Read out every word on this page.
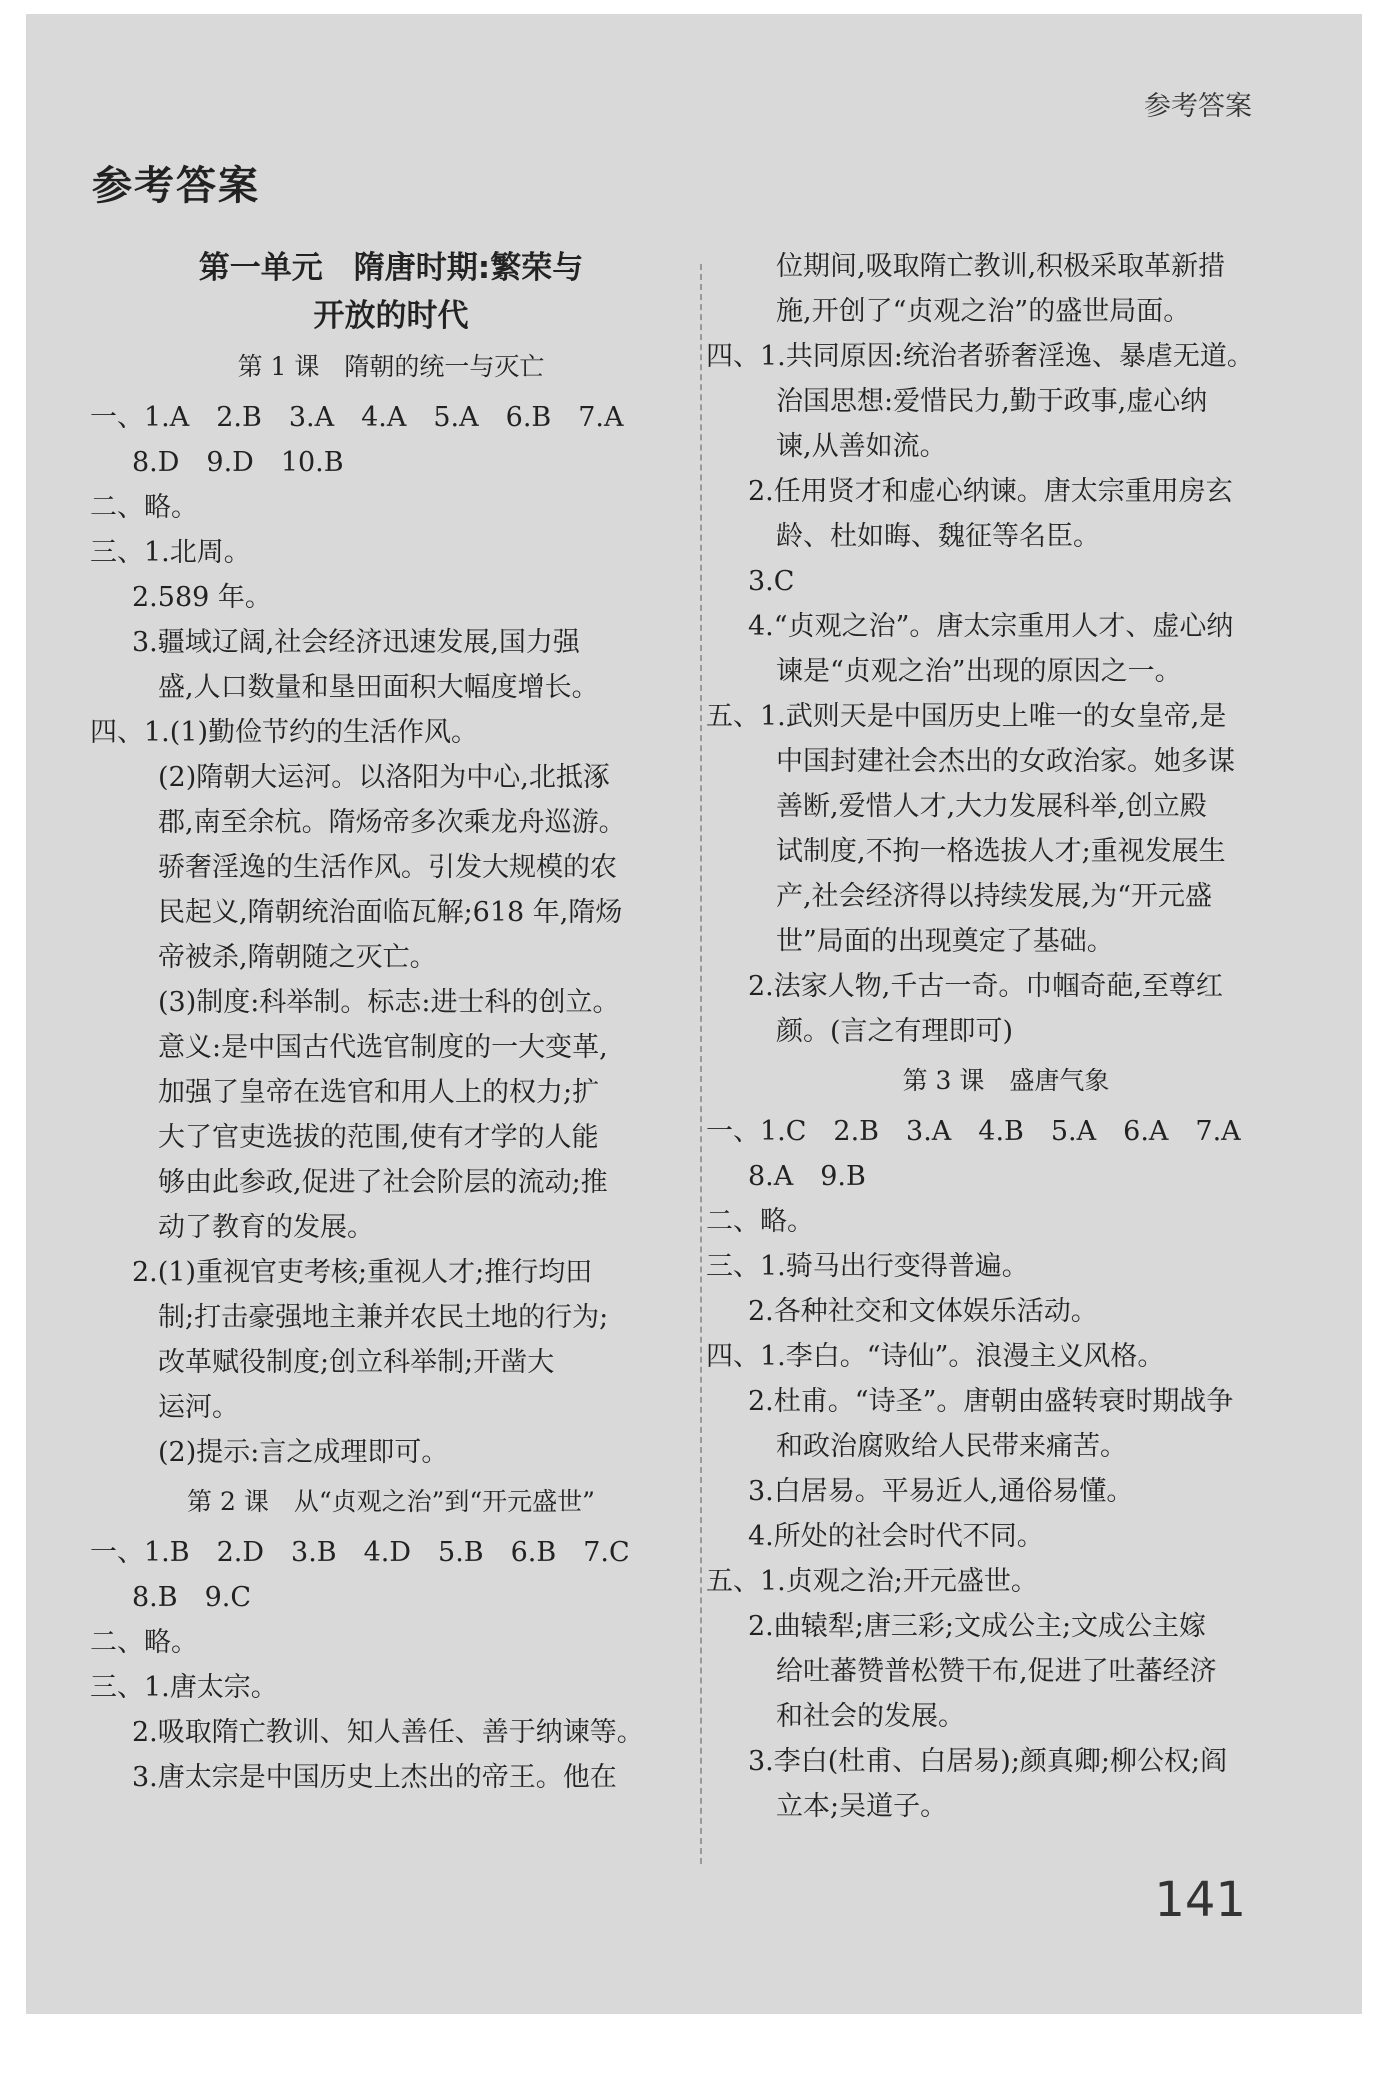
参考答案
参考答案
第一单元　隋唐时期:繁荣与
开放的时代
第 1 课　隋朝的统一与灭亡
一、1.A　2.B　3.A　4.A　5.A　6.B　7.A
8.D　9.D　10.B
二、略。
三、1.北周。
2.589 年。
3.疆域辽阔,社会经济迅速发展,国力强
盛,人口数量和垦田面积大幅度增长。
四、1.(1)勤俭节约的生活作风。
(2)隋朝大运河。以洛阳为中心,北抵涿
郡,南至余杭。隋炀帝多次乘龙舟巡游。
骄奢淫逸的生活作风。引发大规模的农
民起义,隋朝统治面临瓦解;618 年,隋炀
帝被杀,隋朝随之灭亡。
(3)制度:科举制。标志:进士科的创立。
意义:是中国古代选官制度的一大变革,
加强了皇帝在选官和用人上的权力;扩
大了官吏选拔的范围,使有才学的人能
够由此参政,促进了社会阶层的流动;推
动了教育的发展。
2.(1)重视官吏考核;重视人才;推行均田
制;打击豪强地主兼并农民土地的行为;
改革赋役制度;创立科举制;开凿大
运河。
(2)提示:言之成理即可。
第 2 课　从“贞观之治”到“开元盛世”
一、1.B　2.D　3.B　4.D　5.B　6.B　7.C
8.B　9.C
二、略。
三、1.唐太宗。
2.吸取隋亡教训、知人善任、善于纳谏等。
3.唐太宗是中国历史上杰出的帝王。他在
位期间,吸取隋亡教训,积极采取革新措
施,开创了“贞观之治”的盛世局面。
四、1.共同原因:统治者骄奢淫逸、暴虐无道。
治国思想:爱惜民力,勤于政事,虚心纳
谏,从善如流。
2.任用贤才和虚心纳谏。唐太宗重用房玄
龄、杜如晦、魏征等名臣。
3.C
4.“贞观之治”。唐太宗重用人才、虚心纳
谏是“贞观之治”出现的原因之一。
五、1.武则天是中国历史上唯一的女皇帝,是
中国封建社会杰出的女政治家。她多谋
善断,爱惜人才,大力发展科举,创立殿
试制度,不拘一格选拔人才;重视发展生
产,社会经济得以持续发展,为“开元盛
世”局面的出现奠定了基础。
2.法家人物,千古一奇。巾帼奇葩,至尊红
颜。(言之有理即可)
第 3 课　盛唐气象
一、1.C　2.B　3.A　4.B　5.A　6.A　7.A
8.A　9.B
二、略。
三、1.骑马出行变得普遍。
2.各种社交和文体娱乐活动。
四、1.李白。“诗仙”。浪漫主义风格。
2.杜甫。“诗圣”。唐朝由盛转衰时期战争
和政治腐败给人民带来痛苦。
3.白居易。平易近人,通俗易懂。
4.所处的社会时代不同。
五、1.贞观之治;开元盛世。
2.曲辕犁;唐三彩;文成公主;文成公主嫁
给吐蕃赞普松赞干布,促进了吐蕃经济
和社会的发展。
3.李白(杜甫、白居易);颜真卿;柳公权;阎
立本;吴道子。
141
